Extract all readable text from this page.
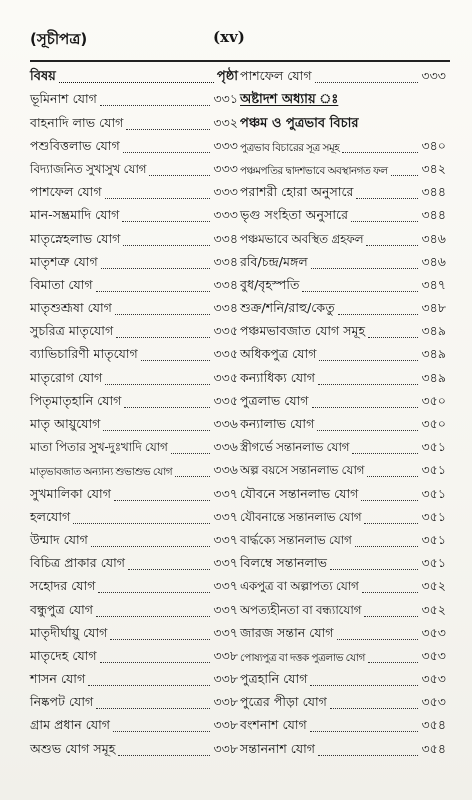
(সূচীপত্র)	(xv)
বিষয়	পৃষ্ঠা
ভূমিনাশ যোগ	৩৩১
বাহনাদি লাভ যোগ	৩৩২
পশুবিত্তলাভ যোগ	৩৩৩
বিদ্যাজনিত সুখাসুখ যোগ	৩৩৩
পাশফেল যোগ	৩৩৩
মান-সম্ভ্রমাদি যোগ	৩৩৩
মাতৃস্নেহলাভ যোগ	৩৩৪
মাতৃশত্রু যোগ	৩৩৪
বিমাতা যোগ	৩৩৪
মাতৃশুশ্রূষা যোগ	৩৩৪
সুচরিত্র মাতৃযোগ	৩৩৫
ব্যাভিচারিণী মাতৃযোগ	৩৩৫
মাতৃরোগ যোগ	৩৩৫
পিতৃমাতৃহানি যোগ	৩৩৫
মাতৃ আয়ুযোগ	৩৩৬
মাতা পিতার সুখ-দুঃখাদি যোগ	৩৩৬
মাতৃভাবজাত অন্যান্য শুভাশুভ যোগ	৩৩৬
সুখমালিকা যোগ	৩৩৭
হলযোগ	৩৩৭
উন্মাদ যোগ	৩৩৭
বিচিত্র প্রাকার যোগ	৩৩৭
সহোদর যোগ	৩৩৭
বন্ধুপুত্র যোগ	৩৩৭
মাতৃদীর্ঘায়ু যোগ	৩৩৭
মাতৃদেহ যোগ	৩৩৮
শাসন যোগ	৩৩৮
নিষ্কপট যোগ	৩৩৮
গ্রাম প্রধান যোগ	৩৩৮
অশুভ যোগ সমূহ	৩৩৮
পাশফেল যোগ	৩৩৩
অষ্টাদশ অধ্যায় ঃ
পঞ্চম ও পুত্রভাব বিচার
পুত্রভাব বিচারের সূত্র সমূহ	৩৪০
পঞ্চমপতির দ্বাদশভাবে অবস্থানগত ফল	৩৪২
পরাশরী হোরা অনুসারে	৩৪৪
ভৃগু সংহিতা অনুসারে	৩৪৪
পঞ্চমভাবে অবস্থিত গ্রহফল	৩৪৬
রবি/চন্দ্র/মঙ্গল	৩৪৬
বুধ/বৃহস্পতি	৩৪৭
শুক্র/শনি/রাহু/কেতু	৩৪৮
পঞ্চমভাবজাত যোগ সমূহ	৩৪৯
অধিকপুত্র যোগ	৩৪৯
কন্যাধিক্য যোগ	৩৪৯
পুত্রলাভ যোগ	৩৫০
কন্যালাভ যোগ	৩৫০
স্ত্রীগর্ভে সন্তানলাভ যোগ	৩৫১
অল্প বয়সে সন্তানলাভ যোগ	৩৫১
যৌবনে সন্তানলাভ যোগ	৩৫১
যৌবনান্তে সন্তানলাভ যোগ	৩৫১
বার্দ্ধক্যে সন্তানলাভ যোগ	৩৫১
বিলম্বে সন্তানলাভ	৩৫১
একপুত্র বা অল্পাপত্য যোগ	৩৫২
অপত্যহীনতা বা বন্ধ্যাযোগ	৩৫২
জারজ সন্তান যোগ	৩৫৩
পোষ্যপুত্র বা দত্তক পুত্রলাভ যোগ	৩৫৩
পুত্রহানি যোগ	৩৫৩
পুত্রের পীড়া যোগ	৩৫৩
বংশনাশ যোগ	৩৫৪
সন্তাননাশ যোগ	৩৫৪
